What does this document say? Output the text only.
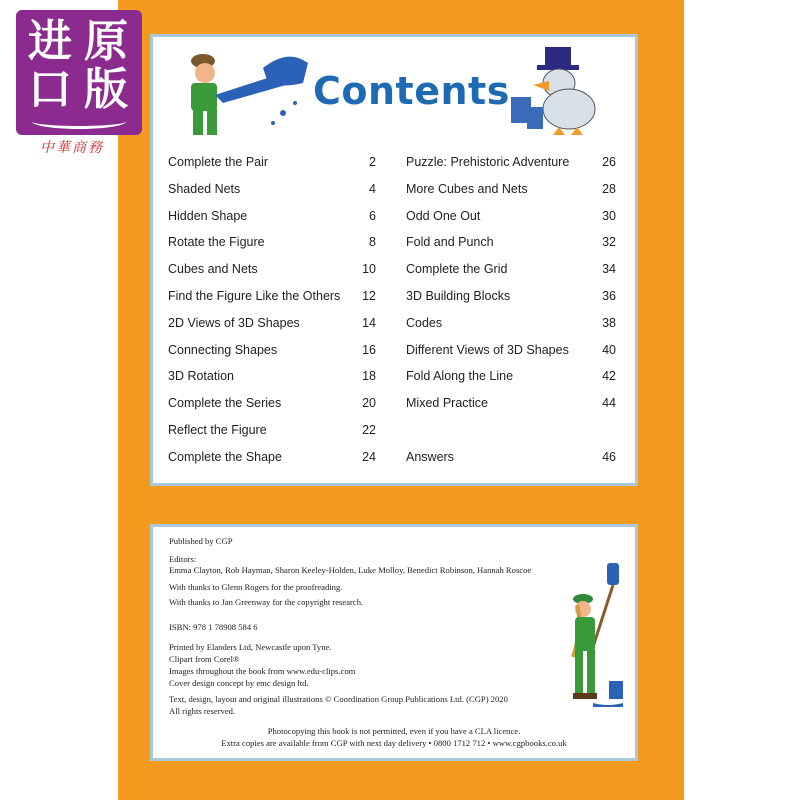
进 原
口 版
中華商務
Contents
Complete the Pair	2
Shaded Nets	4
Hidden Shape	6
Rotate the Figure	8
Cubes and Nets	10
Find the Figure Like the Others 12
2D Views of 3D Shapes	14
Connecting Shapes	16
3D Rotation	18
Complete the Series	20
Reflect the Figure	22
Complete the Shape	24
Puzzle: Prehistoric Adventure	26
More Cubes and Nets	28
Odd One Out	30
Fold and Punch	32
Complete the Grid	34
3D Building Blocks	36
Codes	38
Different Views of 3D Shapes	40
Fold Along the Line	42
Mixed Practice	44
Answers	46
Published by CGP
Editors:
Emma Clayton, Rob Hayman, Sharon Keeley-Holden, Luke Molloy, Benedict Robinson, Hannah Roscoe
With thanks to Glenn Rogers for the proofreading.
With thanks to Jan Greenway for the copyright research.
ISBN: 978 1 78908 584 6
Printed by Elanders Ltd, Newcastle upon Tyne.
Clipart from Corel®
Images throughout the book from www.edu-clips.com
Cover design concept by emc design ltd.
Text, design, layout and original illustrations © Coordination Group Publications Ltd. (CGP) 2020
All rights reserved.
Photocopying this book is not permitted, even if you have a CLA licence.
Extra copies are available from CGP with next day delivery • 0800 1712 712 • www.cgpbooks.co.uk
